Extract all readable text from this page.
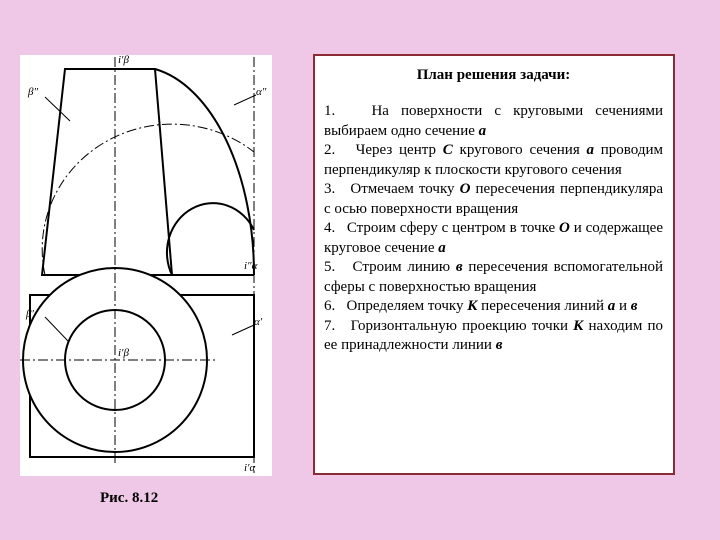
β″	α″
i′β
i″α
β′
α′
i′β
i′α
Рис. 8.12
План решения задачи:

1.   На поверхности с круговыми сечениями выбираем одно сечение а

2.   Через центр С кругового сечения а проводим перпендикуляр к плоскости кругового сечения

3.   Отмечаем точку О пересечения перпендикуляра с осью поверхности вращения

4.   Строим сферу с центром в точке О и содержащее круговое сечение а

5.   Строим линию в пересечения вспомогательной сферы с поверхностью вращения

6.   Определяем точку К пересечения линий а и в

7.   Горизонтальную проекцию точки К находим по ее принадлежности линии в
